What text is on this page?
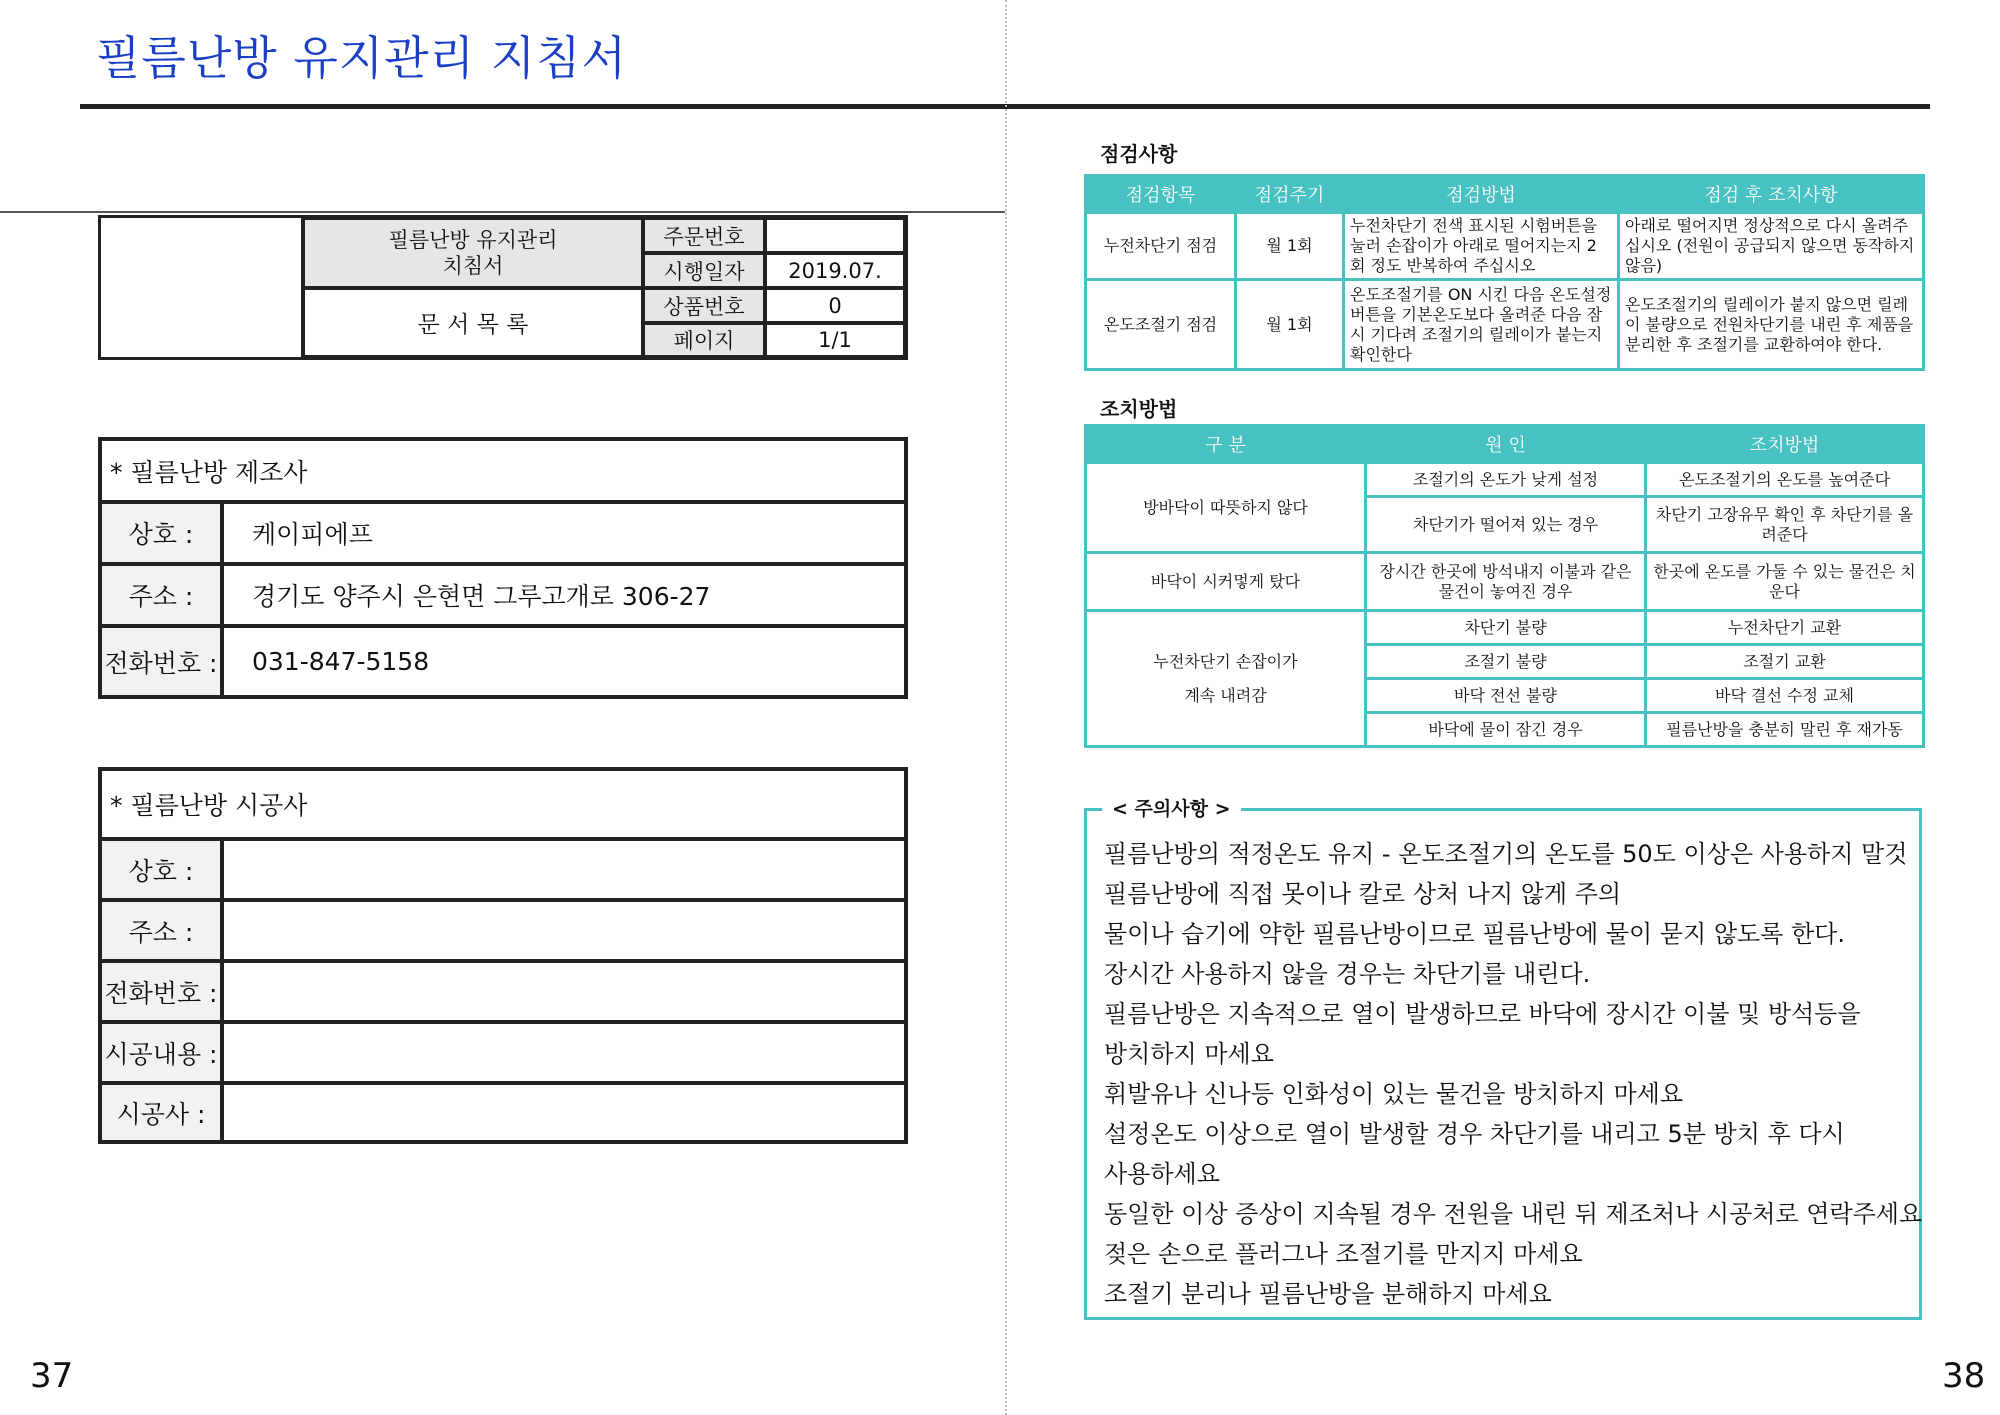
필름난방 유지관리 지침서
필름난방 유지관리
치침서
문 서 목 록
주문번호
시행일자	2019.07.
상품번호	0
페이지	1/1
* 필름난방 제조사
상호 :	케이피에프
주소 :	경기도 양주시 은현면 그루고개로 306-27
전화번호 :	031-847-5158
* 필름난방 시공사
상호 :
주소 :
전화번호 :
시공내용 :
시공사 :
점검사항
점검항목	점검주기	점검방법	점검 후 조치사항
누전차단기 점검	월 1회	누전차단기 전색 표시된 시험버튼을 눌러 손잡이가 아래로 떨어지는지 2회 정도 반복하여 주십시오	아래로 떨어지면 정상적으로 다시 올려주십시오 (전원이 공급되지 않으면 동작하지 않음)
온도조절기 점검	월 1회	온도조절기를 ON 시킨 다음 온도설정 버튼을 기본온도보다 올려준 다음 잠시 기다려 조절기의 릴레이가 붙는지 확인한다	온도조절기의 릴레이가 붙지 않으면 릴레이 불량으로 전원차단기를 내린 후 제품을 분리한 후 조절기를 교환하여야 한다.
조치방법
구 분	원 인	조치방법
방바닥이 따뜻하지 않다	조절기의 온도가 낮게 설정	온도조절기의 온도를 높여준다
	차단기가 떨어져 있는 경우	차단기 고장유무 확인 후 차단기를 올려준다
바닥이 시커멓게 탔다	장시간 한곳에 방석내지 이불과 같은 물건이 놓여진 경우	한곳에 온도를 가둘 수 있는 물건은 치운다

누전차단기 손잡이가
계속 내려감	차단기 불량	누전차단기 교환
	조절기 불량	조절기 교환
	바닥 전선 불량	바닥 결선 수정 교체
	바닥에 물이 잠긴 경우	필름난방을 충분히 말린 후 재가동
< 주의사항 >
필름난방의 적정온도 유지 - 온도조절기의 온도를 50도 이상은 사용하지 말것
필름난방에 직접 못이나 칼로 상처 나지 않게 주의
물이나 습기에 약한 필름난방이므로 필름난방에 물이 묻지 않도록 한다.
장시간 사용하지 않을 경우는 차단기를 내린다.
필름난방은 지속적으로 열이 발생하므로 바닥에 장시간 이불 및 방석등을
방치하지 마세요
휘발유나 신나등 인화성이 있는 물건을 방치하지 마세요
설정온도 이상으로 열이 발생할 경우 차단기를 내리고 5분 방치 후 다시
사용하세요
동일한 이상 증상이 지속될 경우 전원을 내린 뒤 제조처나 시공처로 연락주세요
젖은 손으로 플러그나 조절기를 만지지 마세요
조절기 분리나 필름난방을 분해하지 마세요
37	38
